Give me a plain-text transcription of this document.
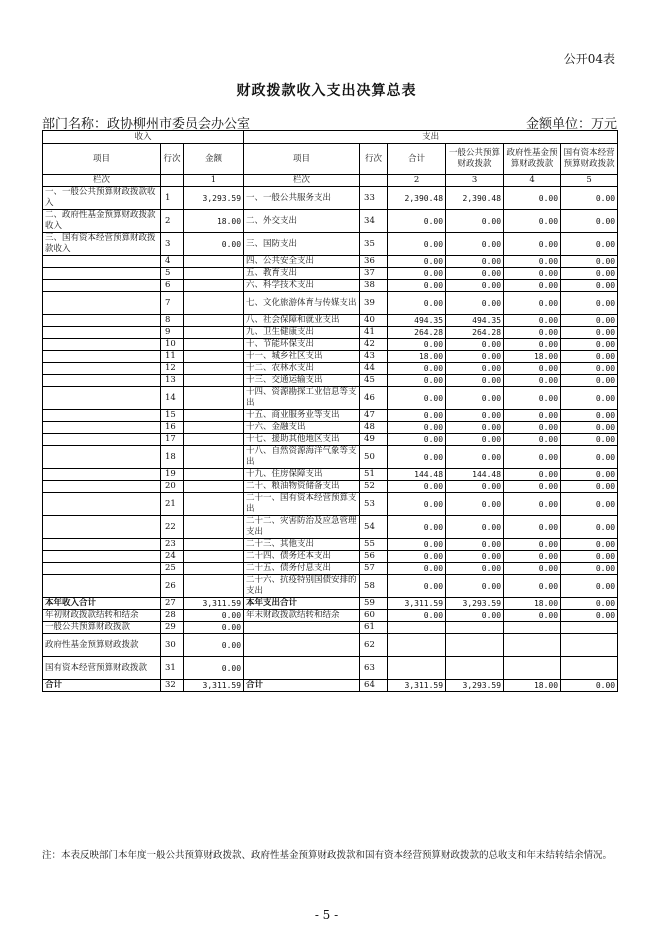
公开04表
财政拨款收入支出决算总表
部门名称：政协柳州市委员会办公室	金额单位：万元
收入			支出					
项目	行次	金额	项目	行次	合计	一般公共预算财政拨款	政府性基金预算财政拨款	国有资本经营预算财政拨款
栏次		1	栏次		2	3	4	5
一、一般公共预算财政拨款收入	1	3,293.59	一、一般公共服务支出	33	2,390.48	2,390.48	0.00	0.00
二、政府性基金预算财政拨款收入	2	18.00	二、外交支出	34	0.00	0.00	0.00	0.00
三、国有资本经营预算财政拨款收入	3	0.00	三、国防支出	35	0.00	0.00	0.00	0.00
	4		四、公共安全支出	36	0.00	0.00	0.00	0.00
	5		五、教育支出	37	0.00	0.00	0.00	0.00
	6		六、科学技术支出	38	0.00	0.00	0.00	0.00
	7		七、文化旅游体育与传媒支出	39	0.00	0.00	0.00	0.00
	8		八、社会保障和就业支出	40	494.35	494.35	0.00	0.00
	9		九、卫生健康支出	41	264.28	264.28	0.00	0.00
	10		十、节能环保支出	42	0.00	0.00	0.00	0.00
	11		十一、城乡社区支出	43	18.00	0.00	18.00	0.00
	12		十二、农林水支出	44	0.00	0.00	0.00	0.00
	13		十三、交通运输支出	45	0.00	0.00	0.00	0.00
	14		十四、资源勘探工业信息等支出	46	0.00	0.00	0.00	0.00
	15		十五、商业服务业等支出	47	0.00	0.00	0.00	0.00
	16		十六、金融支出	48	0.00	0.00	0.00	0.00
	17		十七、援助其他地区支出	49	0.00	0.00	0.00	0.00
	18		十八、自然资源海洋气象等支出	50	0.00	0.00	0.00	0.00
	19		十九、住房保障支出	51	144.48	144.48	0.00	0.00
	20		二十、粮油物资储备支出	52	0.00	0.00	0.00	0.00
	21		二十一、国有资本经营预算支出	53	0.00	0.00	0.00	0.00
	22		二十二、灾害防治及应急管理支出	54	0.00	0.00	0.00	0.00
	23		二十三、其他支出	55	0.00	0.00	0.00	0.00
	24		二十四、债务还本支出	56	0.00	0.00	0.00	0.00
	25		二十五、债务付息支出	57	0.00	0.00	0.00	0.00
	26		二十六、抗疫特别国债安排的支出	58	0.00	0.00	0.00	0.00
本年收入合计	27	3,311.59	本年支出合计	59	3,311.59	3,293.59	18.00	0.00
年初财政拨款结转和结余	28	0.00	年末财政拨款结转和结余	60	0.00	0.00	0.00	0.00
一般公共预算财政拨款	29	0.00		61				
政府性基金预算财政拨款	30	0.00		62				
国有资本经营预算财政拨款	31	0.00		63				
合计	32	3,311.59	合计	64	3,311.59	3,293.59	18.00	0.00
注：本表反映部门本年度一般公共预算财政拨款、政府性基金预算财政拨款和国有资本经营预算财政拨款的总收支和年末结转结余情况。
- 5 -
